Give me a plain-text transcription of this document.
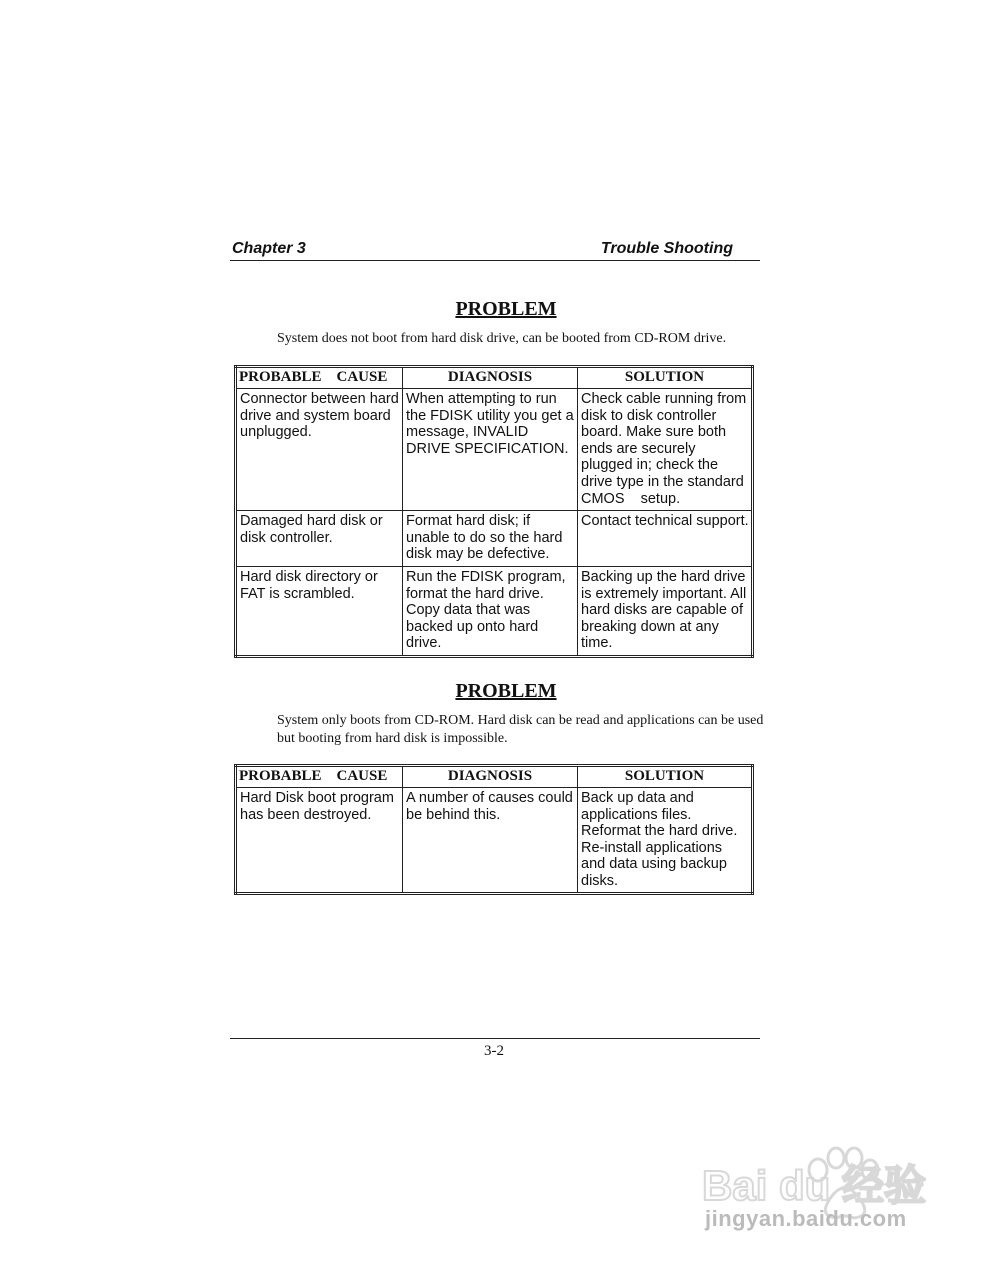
Chapter 3	Trouble Shooting
PROBLEM
System does not boot from hard disk drive, can be booted from CD-ROM drive.
PROBABLE    CAUSE	DIAGNOSIS	SOLUTION
Connector between hard drive and system board unplugged.	When attempting to run the FDISK utility you get a message, INVALID DRIVE SPECIFICATION.	Check cable running from disk to disk controller board. Make sure both ends are securely plugged in; check the drive type in the standard CMOS    setup.
Damaged hard disk or disk controller.	Format hard disk; if unable to do so the hard disk may be defective.	Contact technical support.
Hard disk directory or FAT is scrambled.	Run the FDISK program, format the hard drive. Copy data that was backed up onto hard drive.	Backing up the hard drive is extremely important. All hard disks are capable of breaking down at any time.
PROBLEM
System only boots from CD-ROM. Hard disk can be read and applications can be used but booting from hard disk is impossible.
PROBABLE    CAUSE	DIAGNOSIS	SOLUTION
Hard Disk boot program has been destroyed.	A number of causes could be behind this.	Back up data and applications files. Reformat the hard drive. Re-install applications and data using backup disks.
3-2
Bai du 经验
jingyan.baidu.com
